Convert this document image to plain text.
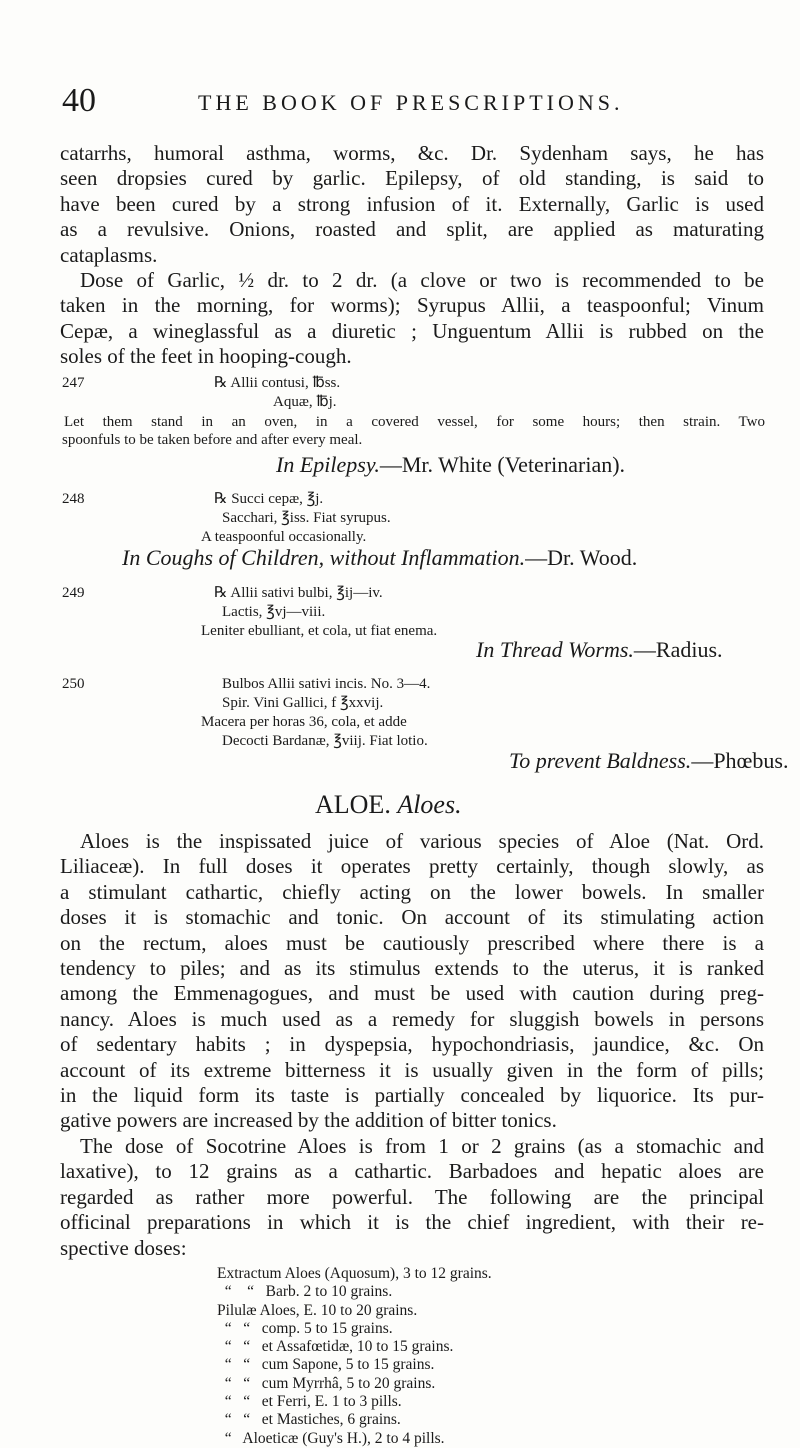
40	THE BOOK OF PRESCRIPTIONS.
catarrhs, humoral asthma, worms, &c. Dr. Sydenham says, he has
seen dropsies cured by garlic. Epilepsy, of old standing, is said to
have been cured by a strong infusion of it. Externally, Garlic is used
as a revulsive. Onions, roasted and split, are applied as maturating
cataplasms.
Dose of Garlic, ½ dr. to 2 dr. (a clove or two is recommended to be
taken in the morning, for worms); Syrupus Allii, a teaspoonful; Vinum
Cepæ, a wineglassful as a diuretic ; Unguentum Allii is rubbed on the
soles of the feet in hooping-cough.
247	℞ Allii contusi, ℔ss.
Aquæ, ℔j.
Let them stand in an oven, in a covered vessel, for some hours; then strain. Two
spoonfuls to be taken before and after every meal.
In Epilepsy.—Mr. White (Veterinarian).
248	℞ Succi cepæ, ℥j.
Sacchari, ℥iss. Fiat syrupus.
A teaspoonful occasionally.
In Coughs of Children, without Inflammation.—Dr. Wood.
249	℞ Allii sativi bulbi, ℥ij—iv.
Lactis, ℥vj—viii.
Leniter ebulliant, et cola, ut fiat enema.
In Thread Worms.—Radius.
250	Bulbos Allii sativi incis. No. 3—4.
Spir. Vini Gallici, f ℥xxvij.
Macera per horas 36, cola, et adde
Decocti Bardanæ, ℥viij. Fiat lotio.
To prevent Baldness.—Phœbus.
ALOE. Aloes.
Aloes is the inspissated juice of various species of Aloe (Nat. Ord.
Liliaceæ). In full doses it operates pretty certainly, though slowly, as
a stimulant cathartic, chiefly acting on the lower bowels. In smaller
doses it is stomachic and tonic. On account of its stimulating action
on the rectum, aloes must be cautiously prescribed where there is a
tendency to piles; and as its stimulus extends to the uterus, it is ranked
among the Emmenagogues, and must be used with caution during preg-
nancy. Aloes is much used as a remedy for sluggish bowels in persons
of sedentary habits ; in dyspepsia, hypochondriasis, jaundice, &c. On
account of its extreme bitterness it is usually given in the form of pills;
in the liquid form its taste is partially concealed by liquorice. Its pur-
gative powers are increased by the addition of bitter tonics.
The dose of Socotrine Aloes is from 1 or 2 grains (as a stomachic and
laxative), to 12 grains as a cathartic. Barbadoes and hepatic aloes are
regarded as rather more powerful. The following are the principal
officinal preparations in which it is the chief ingredient, with their re-
spective doses:
Extractum Aloes (Aquosum), 3 to 12 grains.
“    “   Barb. 2 to 10 grains.
Pilulæ Aloes, E. 10 to 20 grains.
“   “   comp. 5 to 15 grains.
“   “   et Assafœtidæ, 10 to 15 grains.
“   “   cum Sapone, 5 to 15 grains.
“   “   cum Myrrhâ, 5 to 20 grains.
“   “   et Ferri, E. 1 to 3 pills.
“   “   et Mastiches, 6 grains.
“   Aloeticæ (Guy's H.), 2 to 4 pills.
